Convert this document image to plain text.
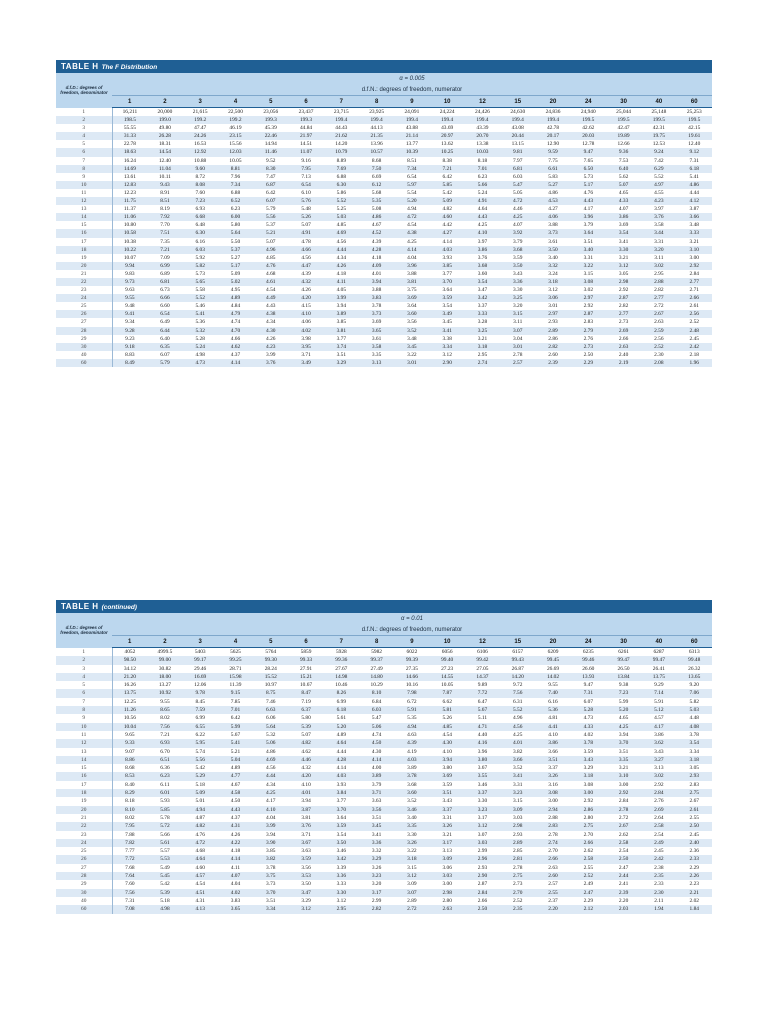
TABLE H The F Distribution
d.f.D.: degrees of freedom, denominator	α = 0.005																
	d.f.N.: degrees of freedom, numerator																
	1	2	3	4	5	6	7	8	9	10	12	15	20	24	30	40	60
1	16,211	20,000	21,615	22,500	23,056	23,437	23,715	23,925	24,091	24,224	24,426	24,630	24,836	24,940	25,044	25,148	25,253
2	198.5	199.0	199.2	199.2	199.3	199.3	199.4	199.4	199.4	199.4	199.4	199.4	199.4	199.5	199.5	199.5	199.5
3	55.55	49.80	47.47	46.19	45.39	44.84	44.43	44.13	43.88	43.69	43.39	43.08	42.78	42.62	42.47	42.31	42.15
4	31.33	26.28	24.26	23.15	22.46	21.97	21.62	21.35	21.14	20.97	20.70	20.44	20.17	20.03	19.89	19.75	19.61
5	22.78	18.31	16.53	15.56	14.94	14.51	14.20	13.96	13.77	13.62	13.38	13.15	12.90	12.78	12.66	12.53	12.40
6	18.63	14.54	12.92	12.03	11.46	11.07	10.79	10.57	10.39	10.25	10.03	9.81	9.59	9.47	9.36	9.24	9.12
7	16.24	12.40	10.88	10.05	9.52	9.16	8.89	8.68	8.51	8.38	8.18	7.97	7.75	7.65	7.53	7.42	7.31
8	14.69	11.04	9.60	8.81	8.30	7.95	7.69	7.50	7.34	7.21	7.01	6.81	6.61	6.50	6.40	6.29	6.18
9	13.61	10.11	8.72	7.96	7.47	7.13	6.88	6.69	6.54	6.42	6.23	6.03	5.83	5.73	5.62	5.52	5.41
10	12.83	9.43	8.08	7.34	6.87	6.54	6.30	6.12	5.97	5.85	5.66	5.47	5.27	5.17	5.07	4.97	4.86
11	12.23	8.91	7.60	6.88	6.42	6.10	5.86	5.68	5.54	5.42	5.24	5.05	4.86	4.76	4.65	4.55	4.44
12	11.75	8.51	7.23	6.52	6.07	5.76	5.52	5.35	5.20	5.09	4.91	4.72	4.53	4.43	4.33	4.23	4.12
13	11.37	8.19	6.93	6.23	5.79	5.48	5.25	5.08	4.94	4.82	4.64	4.46	4.27	4.17	4.07	3.97	3.87
14	11.06	7.92	6.68	6.00	5.56	5.26	5.03	4.86	4.72	4.60	4.43	4.25	4.06	3.96	3.86	3.76	3.66
15	10.80	7.70	6.48	5.80	5.37	5.07	4.85	4.67	4.54	4.42	4.25	4.07	3.88	3.79	3.69	3.58	3.48
16	10.58	7.51	6.30	5.64	5.21	4.91	4.69	4.52	4.38	4.27	4.10	3.92	3.73	3.64	3.54	3.44	3.33
17	10.38	7.35	6.16	5.50	5.07	4.78	4.56	4.39	4.25	4.14	3.97	3.79	3.61	3.51	3.41	3.31	3.21
18	10.22	7.21	6.03	5.37	4.96	4.66	4.44	4.28	4.14	4.03	3.86	3.68	3.50	3.40	3.30	3.20	3.10
19	10.07	7.09	5.92	5.27	4.85	4.56	4.34	4.18	4.04	3.93	3.76	3.59	3.40	3.31	3.21	3.11	3.00
20	9.94	6.99	5.82	5.17	4.76	4.47	4.26	4.09	3.96	3.85	3.68	3.50	3.32	3.22	3.12	3.02	2.92
21	9.83	6.89	5.73	5.09	4.68	4.39	4.18	4.01	3.88	3.77	3.60	3.43	3.24	3.15	3.05	2.95	2.84
22	9.73	6.81	5.65	5.02	4.61	4.32	4.11	3.94	3.81	3.70	3.54	3.36	3.18	3.08	2.98	2.88	2.77
23	9.63	6.73	5.58	4.95	4.54	4.26	4.05	3.88	3.75	3.64	3.47	3.30	3.12	3.02	2.92	2.82	2.71
24	9.55	6.66	5.52	4.89	4.49	4.20	3.99	3.83	3.69	3.59	3.42	3.25	3.06	2.97	2.87	2.77	2.66
25	9.48	6.60	5.46	4.84	4.43	4.15	3.94	3.78	3.64	3.54	3.37	3.20	3.01	2.92	2.82	2.72	2.61
26	9.41	6.54	5.41	4.79	4.38	4.10	3.89	3.73	3.60	3.49	3.33	3.15	2.97	2.87	2.77	2.67	2.56
27	9.34	6.49	5.36	4.74	4.34	4.06	3.85	3.69	3.56	3.45	3.28	3.11	2.93	2.83	2.73	2.63	2.52
28	9.28	6.44	5.32	4.70	4.30	4.02	3.81	3.65	3.52	3.41	3.25	3.07	2.89	2.79	2.69	2.59	2.48
29	9.23	6.40	5.28	4.66	4.26	3.98	3.77	3.61	3.48	3.38	3.21	3.04	2.86	2.76	2.66	2.56	2.45
30	9.18	6.35	5.24	4.62	4.23	3.95	3.74	3.58	3.45	3.34	3.18	3.01	2.82	2.73	2.63	2.52	2.42
40	8.83	6.07	4.98	4.37	3.99	3.71	3.51	3.35	3.22	3.12	2.95	2.78	2.60	2.50	2.40	2.30	2.18
60	8.49	5.79	4.73	4.14	3.76	3.49	3.29	3.13	3.01	2.90	2.74	2.57	2.39	2.29	2.19	2.08	1.96
TABLE H (continued)
d.f.D.: degrees of freedom, denominator	α = 0.01																
	d.f.N.: degrees of freedom, numerator																
	1	2	3	4	5	6	7	8	9	10	12	15	20	24	30	40	60
1	4052	4999.5	5403	5625	5764	5859	5928	5982	6022	6056	6106	6157	6209	6235	6261	6287	6313
2	98.50	99.00	99.17	99.25	99.30	99.33	99.36	99.37	99.39	99.40	99.42	99.43	99.45	99.46	99.47	99.47	99.48
3	34.12	30.82	29.46	28.71	28.24	27.91	27.67	27.49	27.35	27.23	27.05	26.87	26.69	26.60	26.50	26.41	26.32
4	21.20	18.00	16.69	15.98	15.52	15.21	14.98	14.80	14.66	14.55	14.37	14.20	14.02	13.93	13.84	13.75	13.65
5	16.26	13.27	12.06	11.39	10.97	10.67	10.46	10.29	10.16	10.05	9.89	9.72	9.55	9.47	9.38	9.29	9.20
6	13.75	10.92	9.78	9.15	8.75	8.47	8.26	8.10	7.98	7.87	7.72	7.56	7.40	7.31	7.23	7.14	7.06
7	12.25	9.55	8.45	7.85	7.46	7.19	6.99	6.84	6.72	6.62	6.47	6.31	6.16	6.07	5.99	5.91	5.82
8	11.26	8.65	7.59	7.01	6.63	6.37	6.18	6.03	5.91	5.81	5.67	5.52	5.36	5.28	5.20	5.12	5.03
9	10.56	8.02	6.99	6.42	6.06	5.80	5.61	5.47	5.35	5.26	5.11	4.96	4.81	4.73	4.65	4.57	4.48
10	10.04	7.56	6.55	5.99	5.64	5.39	5.20	5.06	4.94	4.85	4.71	4.56	4.41	4.33	4.25	4.17	4.08
11	9.65	7.21	6.22	5.67	5.32	5.07	4.89	4.74	4.63	4.54	4.40	4.25	4.10	4.02	3.94	3.86	3.78
12	9.33	6.93	5.95	5.41	5.06	4.82	4.64	4.50	4.39	4.30	4.16	4.01	3.86	3.78	3.70	3.62	3.54
13	9.07	6.70	5.74	5.21	4.86	4.62	4.44	4.30	4.19	4.10	3.96	3.82	3.66	3.59	3.51	3.43	3.34
14	8.86	6.51	5.56	5.04	4.69	4.46	4.28	4.14	4.03	3.94	3.80	3.66	3.51	3.43	3.35	3.27	3.18
15	8.68	6.36	5.42	4.89	4.56	4.32	4.14	4.00	3.89	3.80	3.67	3.52	3.37	3.29	3.21	3.13	3.05
16	8.53	6.23	5.29	4.77	4.44	4.20	4.03	3.89	3.78	3.69	3.55	3.41	3.26	3.18	3.10	3.02	2.93
17	8.40	6.11	5.18	4.67	4.34	4.10	3.93	3.79	3.68	3.59	3.46	3.31	3.16	3.08	3.00	2.92	2.83
18	8.29	6.01	5.09	4.58	4.25	4.01	3.84	3.71	3.60	3.51	3.37	3.23	3.08	3.00	2.92	2.84	2.75
19	8.18	5.93	5.01	4.50	4.17	3.94	3.77	3.63	3.52	3.43	3.30	3.15	3.00	2.92	2.84	2.76	2.67
20	8.10	5.85	4.94	4.43	4.10	3.87	3.70	3.56	3.46	3.37	3.23	3.09	2.94	2.86	2.78	2.69	2.61
21	8.02	5.78	4.87	4.37	4.04	3.81	3.64	3.51	3.40	3.31	3.17	3.03	2.88	2.80	2.72	2.64	2.55
22	7.95	5.72	4.82	4.31	3.99	3.76	3.59	3.45	3.35	3.26	3.12	2.98	2.83	2.75	2.67	2.58	2.50
23	7.88	5.66	4.76	4.26	3.94	3.71	3.54	3.41	3.30	3.21	3.07	2.93	2.78	2.70	2.62	2.54	2.45
24	7.82	5.61	4.72	4.22	3.90	3.67	3.50	3.36	3.26	3.17	3.03	2.89	2.74	2.66	2.58	2.49	2.40
25	7.77	5.57	4.68	4.18	3.85	3.63	3.46	3.32	3.22	3.13	2.99	2.85	2.70	2.62	2.54	2.45	2.36
26	7.72	5.53	4.64	4.14	3.82	3.59	3.42	3.29	3.18	3.09	2.96	2.81	2.66	2.58	2.50	2.42	2.33
27	7.68	5.49	4.60	4.11	3.78	3.56	3.39	3.26	3.15	3.06	2.93	2.78	2.63	2.55	2.47	2.38	2.29
28	7.64	5.45	4.57	4.07	3.75	3.53	3.36	3.23	3.12	3.03	2.90	2.75	2.60	2.52	2.44	2.35	2.26
29	7.60	5.42	4.54	4.04	3.73	3.50	3.33	3.20	3.09	3.00	2.87	2.73	2.57	2.49	2.41	2.33	2.23
30	7.56	5.39	4.51	4.02	3.70	3.47	3.30	3.17	3.07	2.98	2.84	2.70	2.55	2.47	2.39	2.30	2.21
40	7.31	5.18	4.31	3.83	3.51	3.29	3.12	2.99	2.89	2.80	2.66	2.52	2.37	2.29	2.20	2.11	2.02
60	7.08	4.98	4.13	3.65	3.34	3.12	2.95	2.82	2.72	2.63	2.50	2.35	2.20	2.12	2.03	1.94	1.84
